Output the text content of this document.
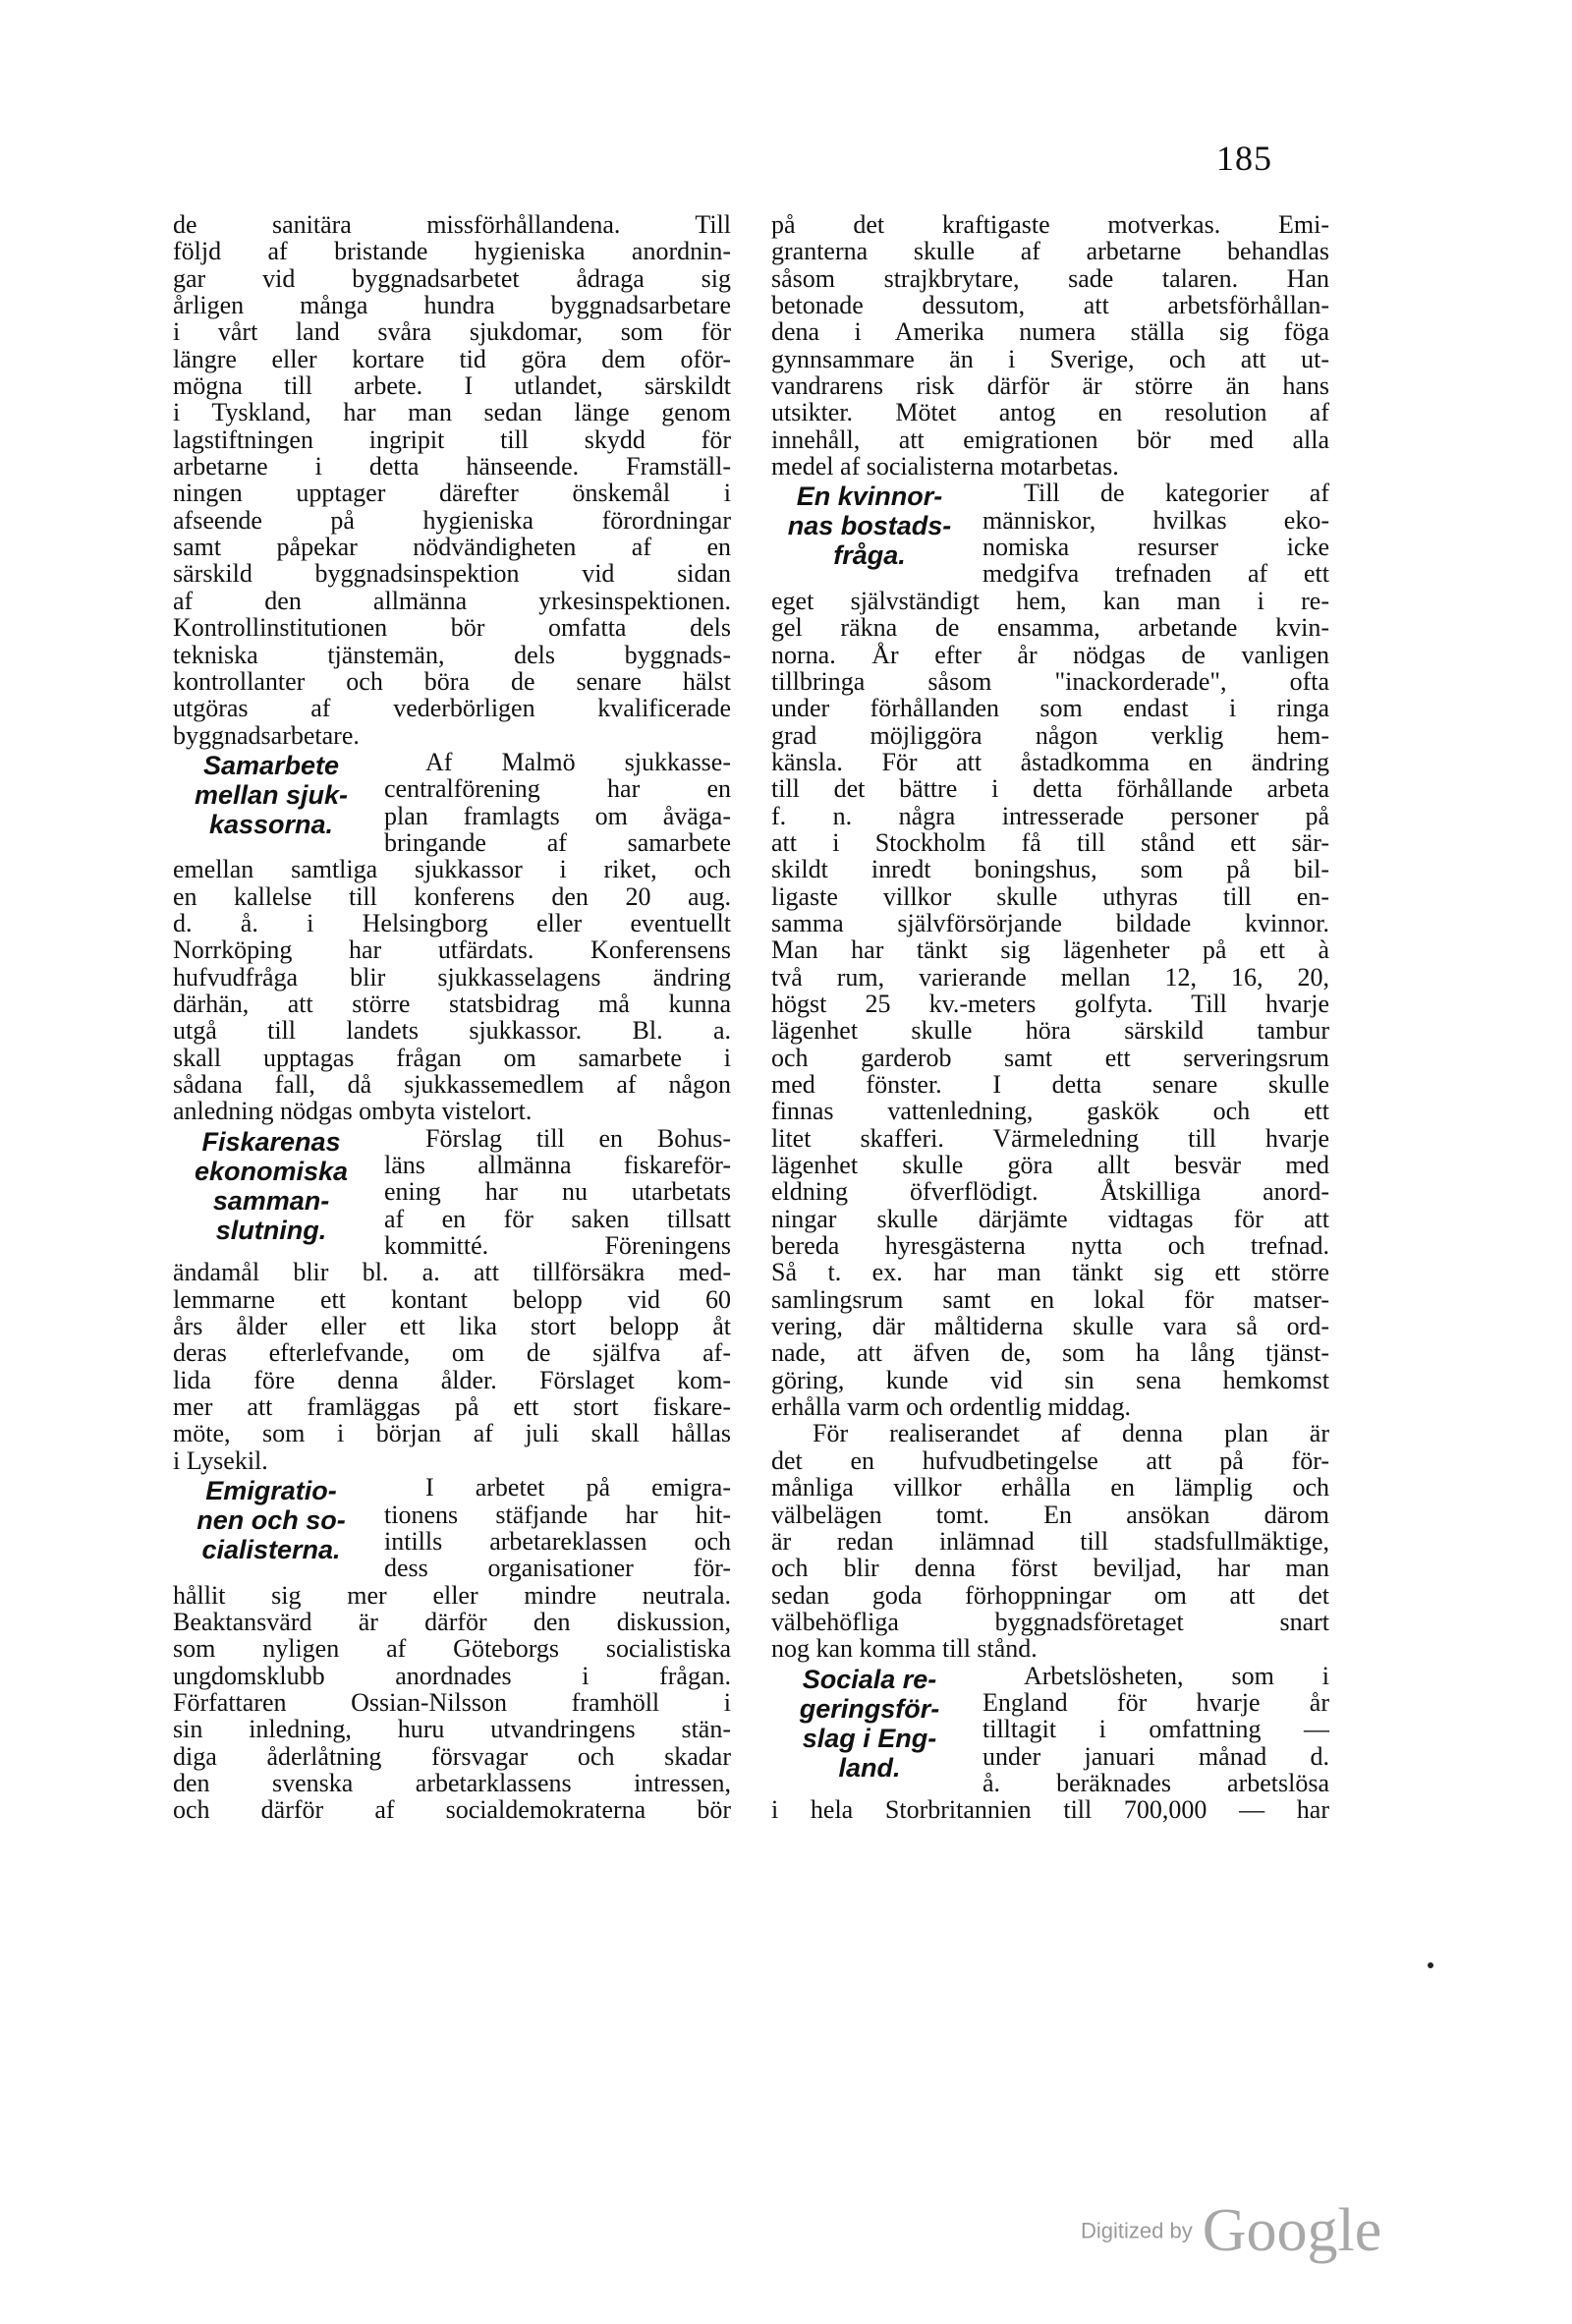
185
de sanitära missförhållandena. Till
följd af bristande hygieniska anordnin-
gar vid byggnadsarbetet ådraga sig
årligen många hundra byggnadsarbetare
i vårt land svåra sjukdomar, som för
längre eller kortare tid göra dem oför-
mögna till arbete. I utlandet, särskildt
i Tyskland, har man sedan länge genom
lagstiftningen ingripit till skydd för
arbetarne i detta hänseende. Framställ-
ningen upptager därefter önskemål i
afseende på hygieniska förordningar
samt påpekar nödvändigheten af en
särskild byggnadsinspektion vid sidan
af den allmänna yrkesinspektionen.
Kontrollinstitutionen bör omfatta dels
tekniska tjänstemän, dels byggnads-
kontrollanter och böra de senare hälst
utgöras af vederbörligen kvalificerade
byggnadsarbetare.
Samarbete
mellan sjuk-
kassorna.
Af Malmö sjukkasse-
centralförening har en
plan framlagts om åväga-
bringande af samarbete
emellan samtliga sjukkassor i riket, och
en kallelse till konferens den 20 aug.
d. å. i Helsingborg eller eventuellt
Norrköping har utfärdats. Konferensens
hufvudfråga blir sjukkasselagens ändring
därhän, att större statsbidrag må kunna
utgå till landets sjukkassor. Bl. a.
skall upptagas frågan om samarbete i
sådana fall, då sjukkassemedlem af någon
anledning nödgas ombyta vistelort.
Fiskarenas
ekonomiska
samman-
slutning.
Förslag till en Bohus-
läns allmänna fiskareför-
ening har nu utarbetats
af en för saken tillsatt
kommitté. Föreningens
ändamål blir bl. a. att tillförsäkra med-
lemmarne ett kontant belopp vid 60
års ålder eller ett lika stort belopp åt
deras efterlefvande, om de själfva af-
lida före denna ålder. Förslaget kom-
mer att framläggas på ett stort fiskare-
möte, som i början af juli skall hållas
i Lysekil.
Emigratio-
nen och so-
cialisterna.
I arbetet på emigra-
tionens stäfjande har hit-
intills arbetareklassen och
dess organisationer för-
hållit sig mer eller mindre neutrala.
Beaktansvärd är därför den diskussion,
som nyligen af Göteborgs socialistiska
ungdomsklubb anordnades i frågan.
Författaren Ossian-Nilsson framhöll i
sin inledning, huru utvandringens stän-
diga åderlåtning försvagar och skadar
den svenska arbetarklassens intressen,
och därför af socialdemokraterna bör
på det kraftigaste motverkas. Emi-
granterna skulle af arbetarne behandlas
såsom strajkbrytare, sade talaren. Han
betonade dessutom, att arbetsförhållan-
dena i Amerika numera ställa sig föga
gynnsammare än i Sverige, och att ut-
vandrarens risk därför är större än hans
utsikter. Mötet antog en resolution af
innehåll, att emigrationen bör med alla
medel af socialisterna motarbetas.
En kvinnor-
nas bostads-
fråga.
Till de kategorier af
människor, hvilkas eko-
nomiska resurser icke
medgifva trefnaden af ett
eget självständigt hem, kan man i re-
gel räkna de ensamma, arbetande kvin-
norna. År efter år nödgas de vanligen
tillbringa såsom "inackorderade", ofta
under förhållanden som endast i ringa
grad möjliggöra någon verklig hem-
känsla. För att åstadkomma en ändring
till det bättre i detta förhållande arbeta
f. n. några intresserade personer på
att i Stockholm få till stånd ett sär-
skildt inredt boningshus, som på bil-
ligaste villkor skulle uthyras till en-
samma självförsörjande bildade kvinnor.
Man har tänkt sig lägenheter på ett à
två rum, varierande mellan 12, 16, 20,
högst 25 kv.-meters golfyta. Till hvarje
lägenhet skulle höra särskild tambur
och garderob samt ett serveringsrum
med fönster. I detta senare skulle
finnas vattenledning, gaskök och ett
litet skafferi. Värmeledning till hvarje
lägenhet skulle göra allt besvär med
eldning öfverflödigt. Åtskilliga anord-
ningar skulle därjämte vidtagas för att
bereda hyresgästerna nytta och trefnad.
Så t. ex. har man tänkt sig ett större
samlingsrum samt en lokal för matser-
vering, där måltiderna skulle vara så ord-
nade, att äfven de, som ha lång tjänst-
göring, kunde vid sin sena hemkomst
erhålla varm och ordentlig middag.
För realiserandet af denna plan är
det en hufvudbetingelse att på för-
månliga villkor erhålla en lämplig och
välbelägen tomt. En ansökan därom
är redan inlämnad till stadsfullmäktige,
och blir denna först beviljad, har man
sedan goda förhoppningar om att det
välbehöfliga byggnadsföretaget snart
nog kan komma till stånd.
Sociala re-
geringsför-
slag i Eng-
land.
Arbetslösheten, som i
England för hvarje år
tilltagit i omfattning —
under januari månad d.
å. beräknades arbetslösa
i hela Storbritannien till 700,000 — har
Digitized by Google
